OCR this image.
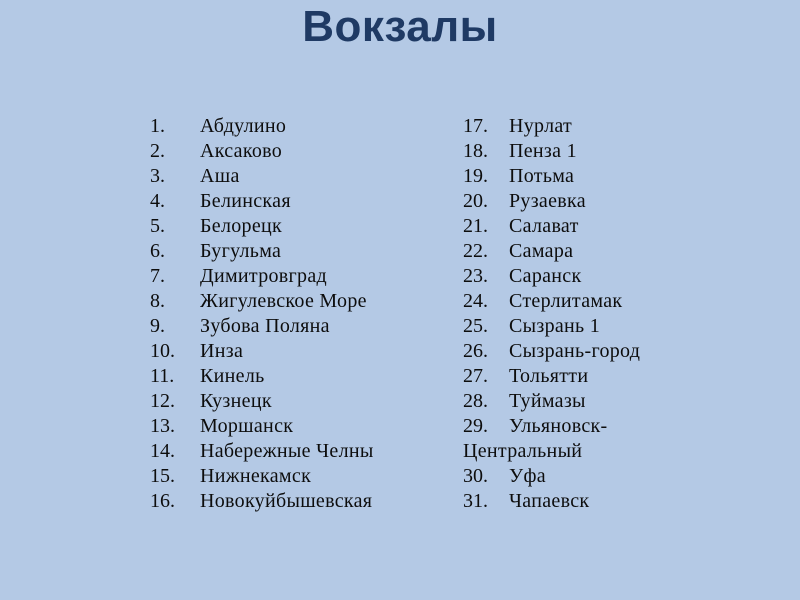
Вокзалы
1.	Абдулино
2.	Аксаково
3.	Аша
4.	Белинская
5.	Белорецк
6.	Бугульма
7.	Димитровград
8.	Жигулевское Море
9.	Зубова Поляна
10.	Инза
11.	Кинель
12.	Кузнецк
13.	Моршанск
14.	Набережные Челны
15.	Нижнекамск
16.	Новокуйбышевская
17.	Нурлат
18.	Пенза 1
19.	Потьма
20.	Рузаевка
21.	Салават
22.	Самара
23.	Саранск
24.	Стерлитамак
25.	Сызрань 1
26.	Сызрань-город
27.	Тольятти
28.	Туймазы
29.	Ульяновск-
Центральный
30.	Уфа
31.	Чапаевск
